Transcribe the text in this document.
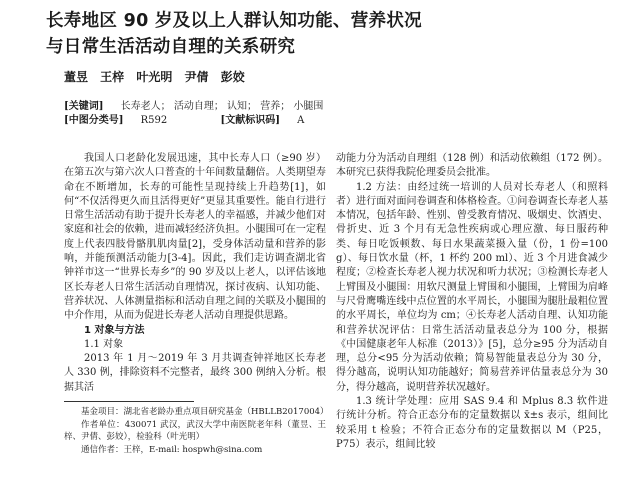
长寿地区 90 岁及以上人群认知功能、营养状况
与日常生活活动自理的关系研究
董昱 王梓 叶光明 尹倩 彭姣
[关键词] 长寿老人； 活动自理； 认知； 营养； 小腿围
[中图分类号] R592	[文献标识码] A

我国人口老龄化发展迅速，其中长寿人口（≥90 岁）在第五次与第六次人口普查的十年间数量翻倍。人类期望寿命在不断增加，长寿的可能性呈现持续上升趋势[1]，如何“不仅活得更久而且活得更好”更显其重要性。能自行进行日常生活活动有助于提升长寿老人的幸福感，并减少他们对家庭和社会的依赖，进而减轻经济负担。小腿围可在一定程度上代表四肢骨骼肌肌肉量[2]，受身体活动量和营养的影响，并能预测活动能力[3-4]。因此，我们走访调查湖北省钟祥市这一“世界长寿乡”的 90 岁及以上老人，以评估该地区长寿老人日常生活活动自理情况，探讨夜病、认知功能、营养状况、人体测量指标和活动自理之间的关联及小腿围的中介作用，从而为促进长寿老人活动自理提供思路。

1 对象与方法

1.1 对象

2013 年 1 月～2019 年 3 月共调查钟祥地区长寿老人 330 例，排除资料不完整者，最终 300 例纳入分析。根据其活

基金项目：湖北省老龄办重点项目研究基金（HBLLB2017004）

作者单位：430071 武汉，武汉大学中南医院老年科（董昱、王梓、尹倩、彭姣），检验科（叶光明）

通信作者：王梓，E-mail: hospwh@sina.com

动能力分为活动自理组（128 例）和活动依赖组（172 例）。本研究已获得我院伦理委员会批准。

1.2 方法：由经过统一培训的人员对长寿老人（和照料者）进行面对面问卷调查和体格检查。①问卷调查长寿老人基本情况，包括年龄、性别、曾受教育情况、吸烟史、饮酒史、骨折史、近 3 个月有无急性疾病或心理应激、每日服药种类、每日吃饭顿数、每日水果蔬菜摄入量（份，1 份=100 g）、每日饮水量（杯，1 杯约 200 ml）、近 3 个月进食减少程度；②检查长寿老人视力状况和听力状况；③检测长寿老人上臂围及小腿围：用软尺测量上臂围和小腿围，上臂围为肩峰与尺骨鹰嘴连线中点位置的水平周长，小腿围为腿肚最粗位置的水平周长，单位均为 cm；④长寿老人活动自理、认知功能和营养状况评估：日常生活活动量表总分为 100 分，根据《中国健康老年人标准（2013）》[5]，总分≥95 分为活动自理，总分<95 分为活动依赖；简易智能量表总分为 30 分，得分越高，说明认知功能越好；简易营养评估量表总分为 30 分，得分越高，说明营养状况越好。

1.3 统计学处理：应用 SAS 9.4 和 Mplus 8.3 软件进行统计分析。符合正态分布的定量数据以 x̄±s 表示，组间比较采用 t 检验；不符合正态分布的定量数据以 M（P25，P75）表示，组间比较
